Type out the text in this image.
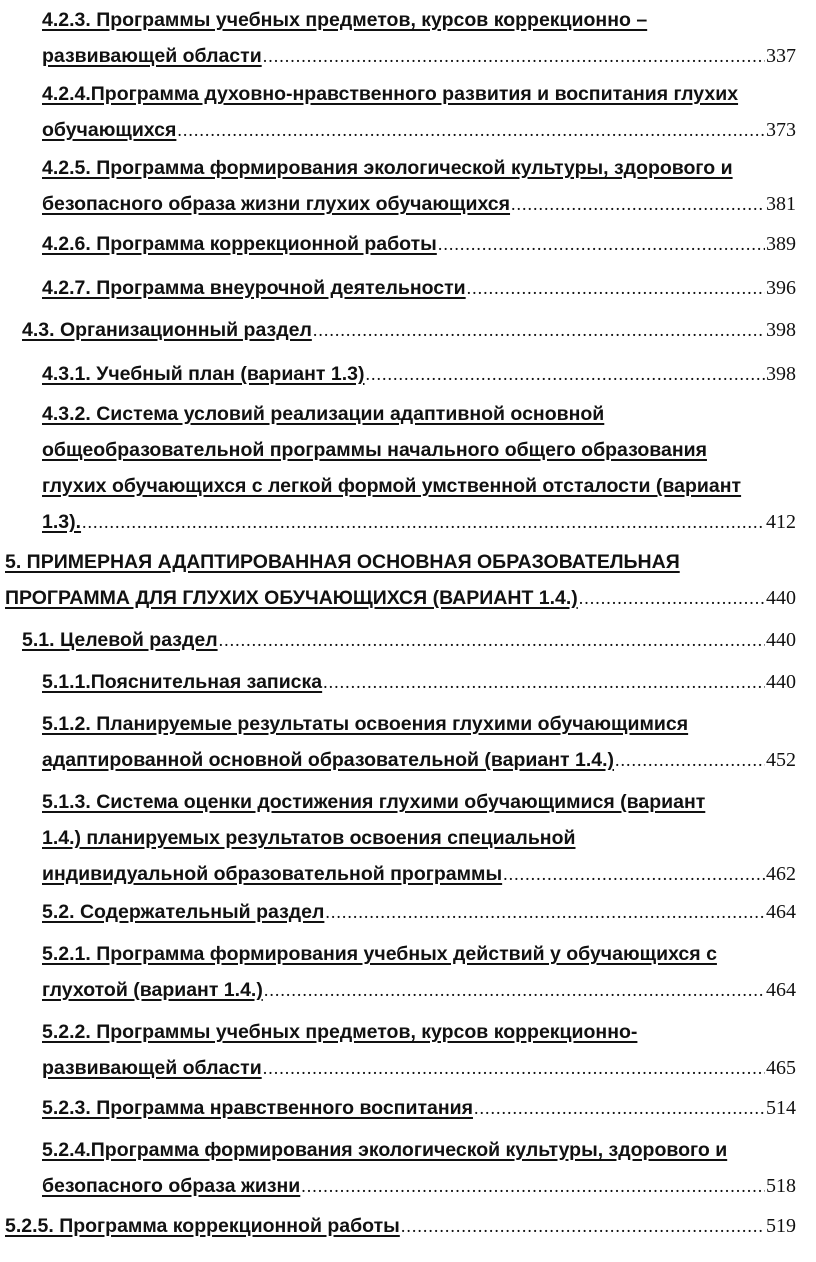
4.2.3. Программы учебных предметов, курсов коррекционно –
развивающей области .....	337
4.2.4.Программа духовно-нравственного развития и воспитания глухих
обучающихся .....	373
4.2.5. Программа формирования экологической культуры, здорового и
безопасного образа жизни глухих обучающихся .....	381
4.2.6. Программа коррекционной работы .....	389
4.2.7. Программа внеурочной деятельности .....	396
4.3. Организационный раздел .....	398
4.3.1. Учебный план (вариант 1.3) .....	398
4.3.2. Система условий реализации адаптивной основной
общеобразовательной программы начального общего образования
глухих обучающихся с легкой формой умственной отсталости (вариант
1.3). .....	412
5. ПРИМЕРНАЯ АДАПТИРОВАННАЯ ОСНОВНАЯ ОБРАЗОВАТЕЛЬНАЯ
ПРОГРАММА ДЛЯ ГЛУХИХ ОБУЧАЮЩИХСЯ (ВАРИАНТ 1.4.) .....	440
5.1. Целевой раздел .....	440
5.1.1.Пояснительная записка .....	440
5.1.2. Планируемые результаты освоения глухими обучающимися
адаптированной основной образовательной (вариант 1.4.) .....	452
5.1.3. Система оценки достижения глухими обучающимися (вариант
1.4.) планируемых результатов освоения специальной
индивидуальной образовательной программы .....	462
5.2. Содержательный раздел .....	464
5.2.1. Программа формирования учебных действий у обучающихся с
глухотой (вариант 1.4.) .....	464
5.2.2. Программы учебных предметов, курсов коррекционно-
развивающей области .....	465
5.2.3. Программа нравственного воспитания .....	514
5.2.4.Программа формирования экологической культуры, здорового и
безопасного образа жизни .....	518
5.2.5. Программа коррекционной работы .....	519
